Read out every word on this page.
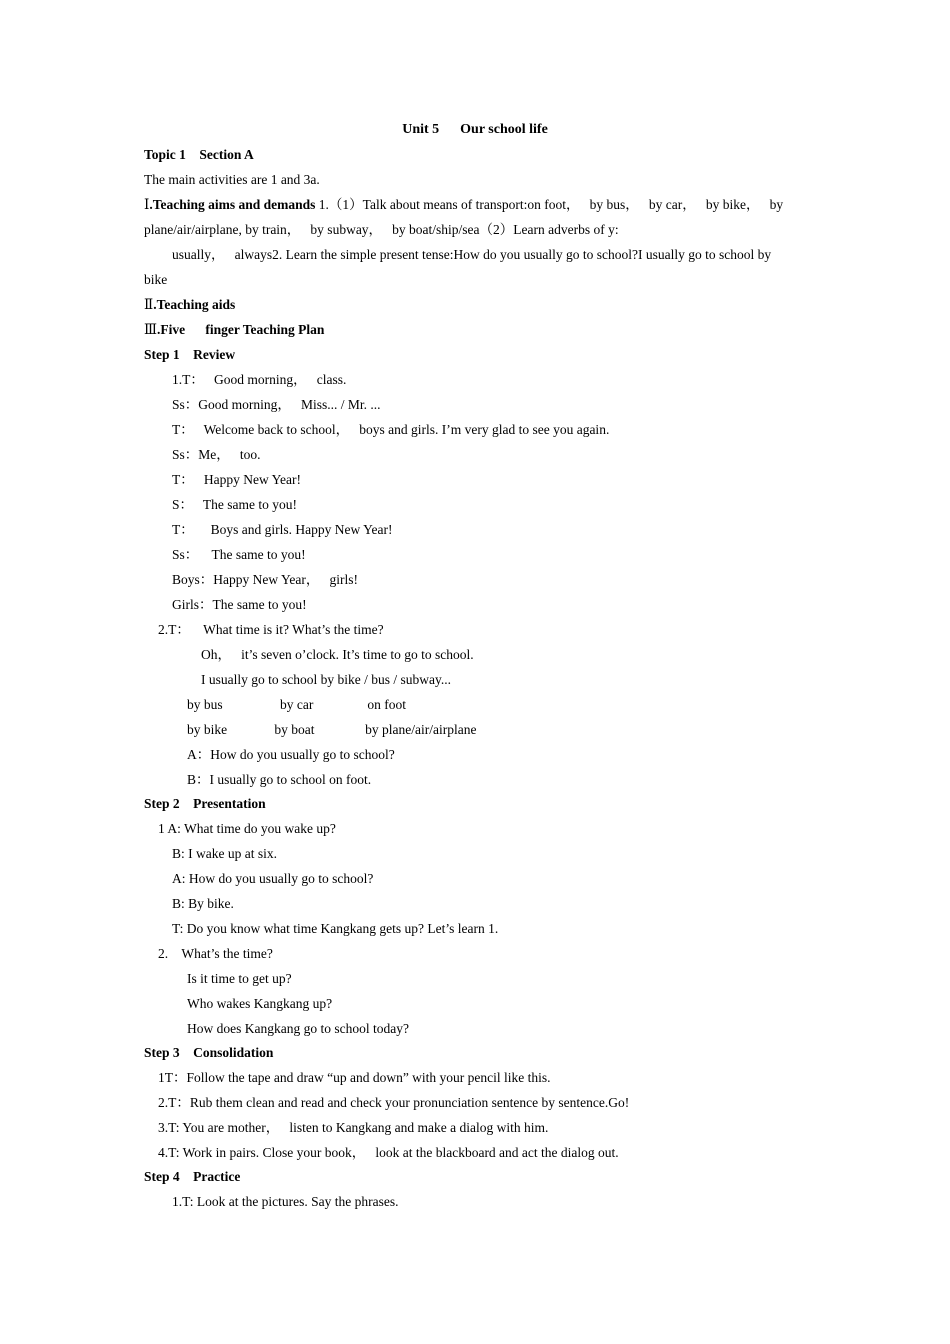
Unit 5      Our school life
Topic 1    Section A
The main activities are 1 and 3a.
Ⅰ.Teaching aims and demands 1.（1）Talk about means of transport:on foot，   by bus，   by car，   by bike，   by
plane/air/airplane, by train，   by subway，   by boat/ship/sea（2）Learn adverbs of y:
usually，   always2. Learn the simple present tense:How do you usually go to school?I usually go to school by
bike
Ⅱ.Teaching aids
Ⅲ.Five      finger Teaching Plan
Step 1    Review
1.T：   Good morning，   class.
Ss：Good morning，   Miss... / Mr. ...
T：   Welcome back to school，   boys and girls. I’m very glad to see you again.
Ss：Me，   too.
T：   Happy New Year!
S：   The same to you!
T：     Boys and girls. Happy New Year!
Ss：    The same to you!
Boys：Happy New Year，   girls!
Girls：The same to you!
2.T：    What time is it? What’s the time?
Oh，   it’s seven o’clock. It’s time to go to school.
I usually go to school by bike / bus / subway...
by bus                 by car                on foot
by bike              by boat               by plane/air/airplane
A：How do you usually go to school?
B：I usually go to school on foot.
Step 2    Presentation
1 A: What time do you wake up?
B: I wake up at six.
A: How do you usually go to school?
B: By bike.
T: Do you know what time Kangkang gets up? Let’s learn 1.
2.    What’s the time?
Is it time to get up?
Who wakes Kangkang up?
How does Kangkang go to school today?
Step 3    Consolidation
1T：Follow the tape and draw “up and down” with your pencil like this.
2.T：Rub them clean and read and check your pronunciation sentence by sentence.Go!
3.T: You are mother，   listen to Kangkang and make a dialog with him.
4.T: Work in pairs. Close your book，   look at the blackboard and act the dialog out.
Step 4    Practice
1.T: Look at the pictures. Say the phrases.
